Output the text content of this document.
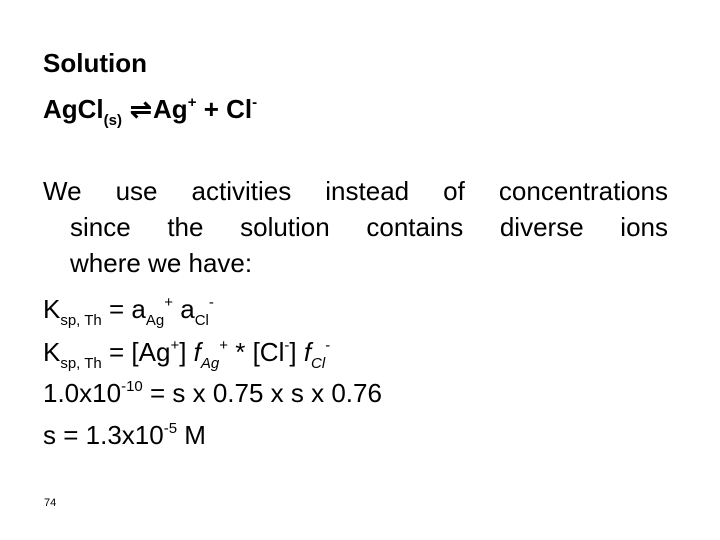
Solution
AgCl$_{(s)}$ ⇌Ag+ + Cl-
We use activities instead of concentrations
since the solution contains diverse ions
where we have:
$K_{sp, Th} = a_{Ag}^+$ $a_{Cl}^-$
$K_{sp, Th} = [Ag^+]$ $f_{Ag}^+ * [Cl^-]$ $f_{Cl}^-$
$1.0x10^{-10} = s$ x 0.75 x s x 0.76
$s = 1.3x10^{-5}$ M
74
